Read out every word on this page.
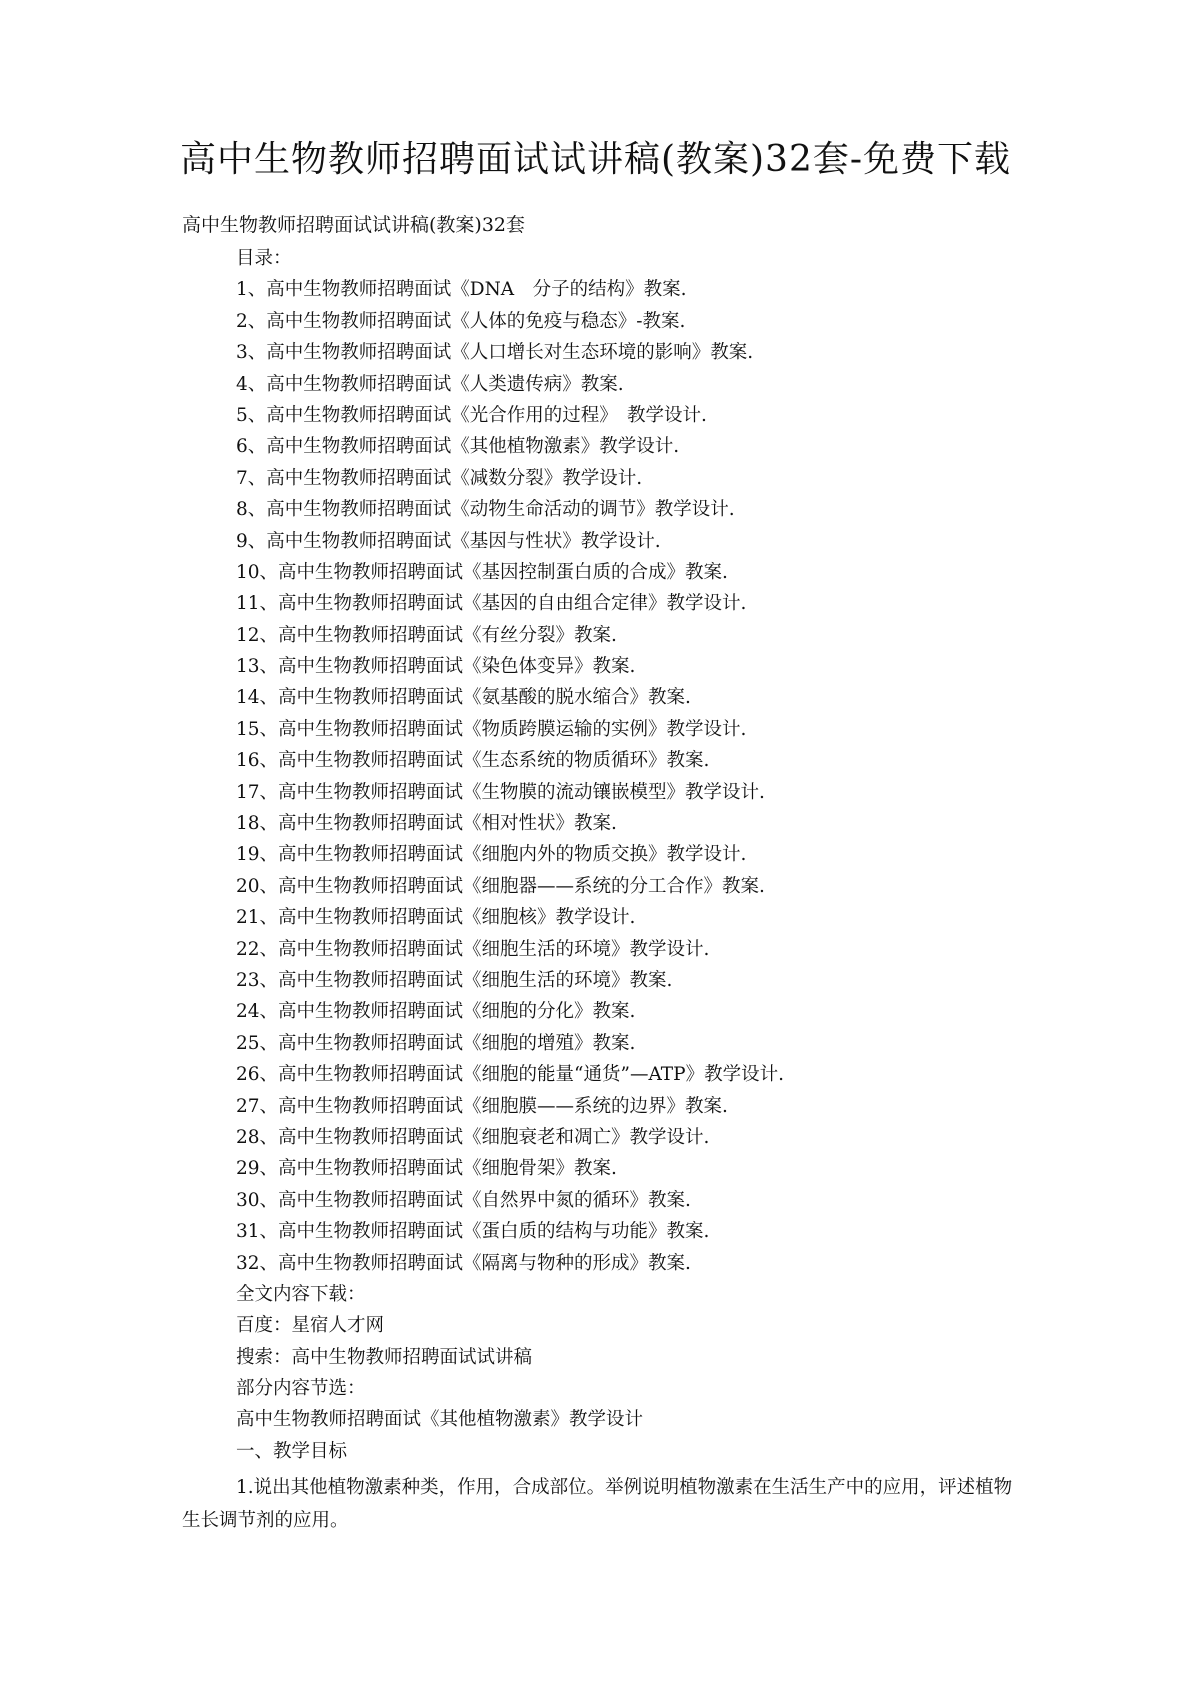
高中生物教师招聘面试试讲稿(教案)32套-免费下载
高中生物教师招聘面试试讲稿(教案)32套
目录：
1、高中生物教师招聘面试《DNA　分子的结构》教案.
2、高中生物教师招聘面试《人体的免疫与稳态》-教案.
3、高中生物教师招聘面试《人口增长对生态环境的影响》教案.
4、高中生物教师招聘面试《人类遗传病》教案.
5、高中生物教师招聘面试《光合作用的过程》　教学设计.
6、高中生物教师招聘面试《其他植物激素》教学设计.
7、高中生物教师招聘面试《减数分裂》教学设计.
8、高中生物教师招聘面试《动物生命活动的调节》教学设计.
9、高中生物教师招聘面试《基因与性状》教学设计.
10、高中生物教师招聘面试《基因控制蛋白质的合成》教案.
11、高中生物教师招聘面试《基因的自由组合定律》教学设计.
12、高中生物教师招聘面试《有丝分裂》教案.
13、高中生物教师招聘面试《染色体变异》教案.
14、高中生物教师招聘面试《氨基酸的脱水缩合》教案.
15、高中生物教师招聘面试《物质跨膜运输的实例》教学设计.
16、高中生物教师招聘面试《生态系统的物质循环》教案.
17、高中生物教师招聘面试《生物膜的流动镶嵌模型》教学设计.
18、高中生物教师招聘面试《相对性状》教案.
19、高中生物教师招聘面试《细胞内外的物质交换》教学设计.
20、高中生物教师招聘面试《细胞器——系统的分工合作》教案.
21、高中生物教师招聘面试《细胞核》教学设计.
22、高中生物教师招聘面试《细胞生活的环境》教学设计.
23、高中生物教师招聘面试《细胞生活的环境》教案.
24、高中生物教师招聘面试《细胞的分化》教案.
25、高中生物教师招聘面试《细胞的增殖》教案.
26、高中生物教师招聘面试《细胞的能量“通货”—ATP》教学设计.
27、高中生物教师招聘面试《细胞膜——系统的边界》教案.
28、高中生物教师招聘面试《细胞衰老和凋亡》教学设计.
29、高中生物教师招聘面试《细胞骨架》教案.
30、高中生物教师招聘面试《自然界中氮的循环》教案.
31、高中生物教师招聘面试《蛋白质的结构与功能》教案.
32、高中生物教师招聘面试《隔离与物种的形成》教案.
全文内容下载：
百度：星宿人才网
搜索：高中生物教师招聘面试试讲稿
部分内容节选：
高中生物教师招聘面试《其他植物激素》教学设计
一、教学目标
1.说出其他植物激素种类，作用，合成部位。举例说明植物激素在生活生产中的应用，评述植物生长调节剂的应用。
